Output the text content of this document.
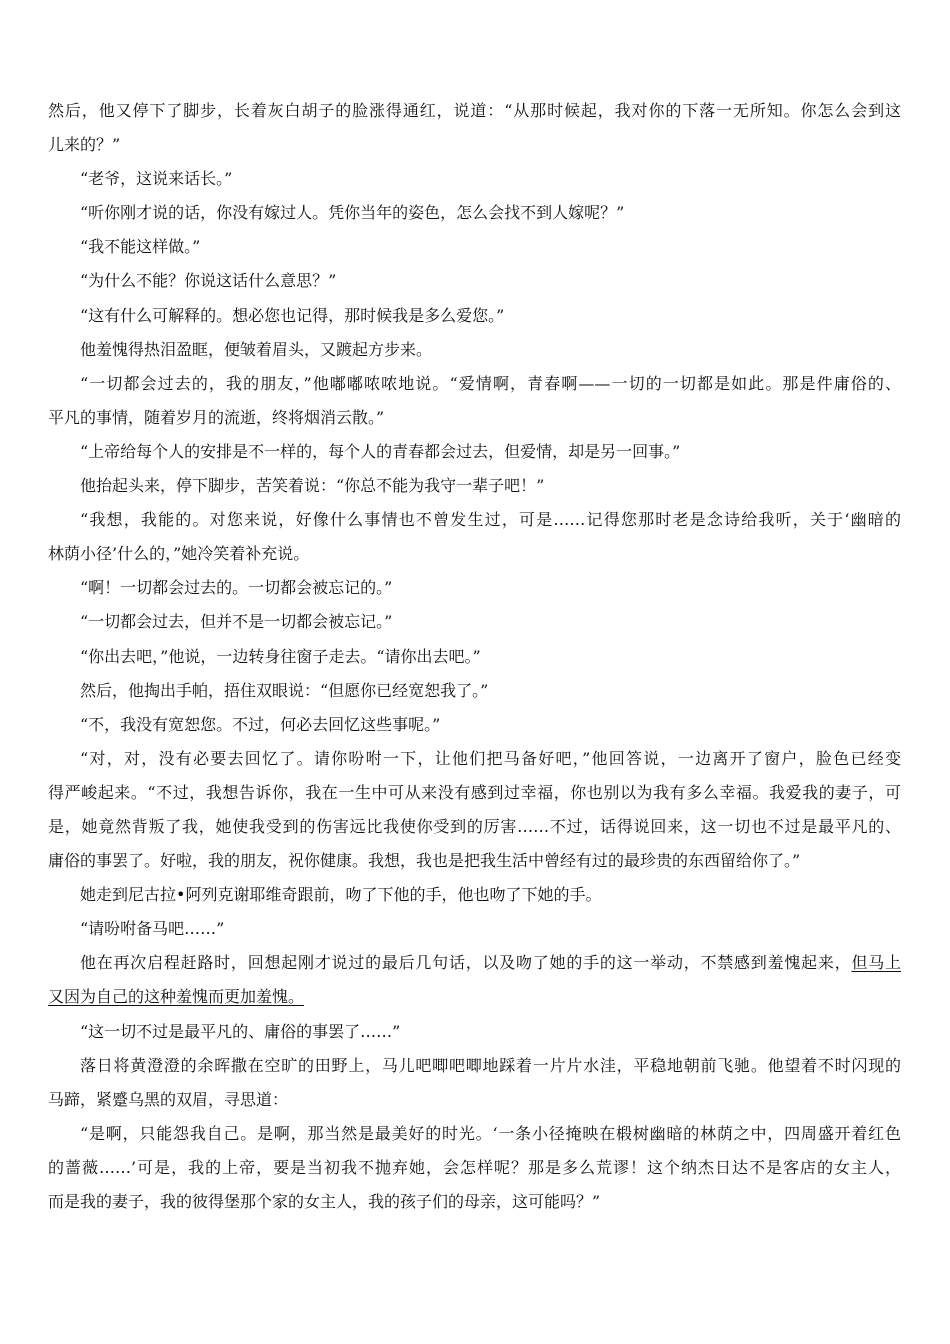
然后，他又停下了脚步，长着灰白胡子的脸涨得通红，说道：“从那时候起，我对你的下落一无所知。你怎么会到这
儿来的？”
“老爷，这说来话长。”
“听你刚才说的话，你没有嫁过人。凭你当年的姿色，怎么会找不到人嫁呢？”
“我不能这样做。”
“为什么不能？你说这话什么意思？”
“这有什么可解释的。想必您也记得，那时候我是多么爱您。”
他羞愧得热泪盈眶，便皱着眉头，又踱起方步来。
“一切都会过去的，我的朋友，”他嘟嘟哝哝地说。“爱情啊，青春啊——一切的一切都是如此。那是件庸俗的、
平凡的事情，随着岁月的流逝，终将烟消云散。”
“上帝给每个人的安排是不一样的，每个人的青春都会过去，但爱情，却是另一回事。”
他抬起头来，停下脚步，苦笑着说：“你总不能为我守一辈子吧！”
“我想，我能的。对您来说，好像什么事情也不曾发生过，可是……记得您那时老是念诗给我听，关于‘幽暗的
林荫小径’什么的，”她冷笑着补充说。
“啊！一切都会过去的。一切都会被忘记的。”
“一切都会过去，但并不是一切都会被忘记。”
“你出去吧，”他说，一边转身往窗子走去。“请你出去吧。”
然后，他掏出手帕，捂住双眼说：“但愿你已经宽恕我了。”
“不，我没有宽恕您。不过，何必去回忆这些事呢。”
“对，对，没有必要去回忆了。请你吩咐一下，让他们把马备好吧，”他回答说，一边离开了窗户，脸色已经变
得严峻起来。“不过，我想告诉你，我在一生中可从来没有感到过幸福，你也别以为我有多么幸福。我爱我的妻子，可
是，她竟然背叛了我，她使我受到的伤害远比我使你受到的厉害……不过，话得说回来，这一切也不过是最平凡的、
庸俗的事罢了。好啦，我的朋友，祝你健康。我想，我也是把我生活中曾经有过的最珍贵的东西留给你了。”
她走到尼古拉•阿列克谢耶维奇跟前，吻了下他的手，他也吻了下她的手。
“请吩咐备马吧……”
他在再次启程赶路时，回想起刚才说过的最后几句话，以及吻了她的手的这一举动，不禁感到羞愧起来，但马上
又因为自己的这种羞愧而更加羞愧。
“这一切不过是最平凡的、庸俗的事罢了……”
落日将黄澄澄的余晖撒在空旷的田野上，马儿吧唧吧唧地踩着一片片水洼，平稳地朝前飞驰。他望着不时闪现的
马蹄，紧蹙乌黑的双眉，寻思道：
“是啊，只能怨我自己。是啊，那当然是最美好的时光。‘一条小径掩映在椴树幽暗的林荫之中，四周盛开着红色
的蔷薇……’可是，我的上帝，要是当初我不抛弃她，会怎样呢？那是多么荒谬！这个纳杰日达不是客店的女主人，
而是我的妻子，我的彼得堡那个家的女主人，我的孩子们的母亲，这可能吗？”
